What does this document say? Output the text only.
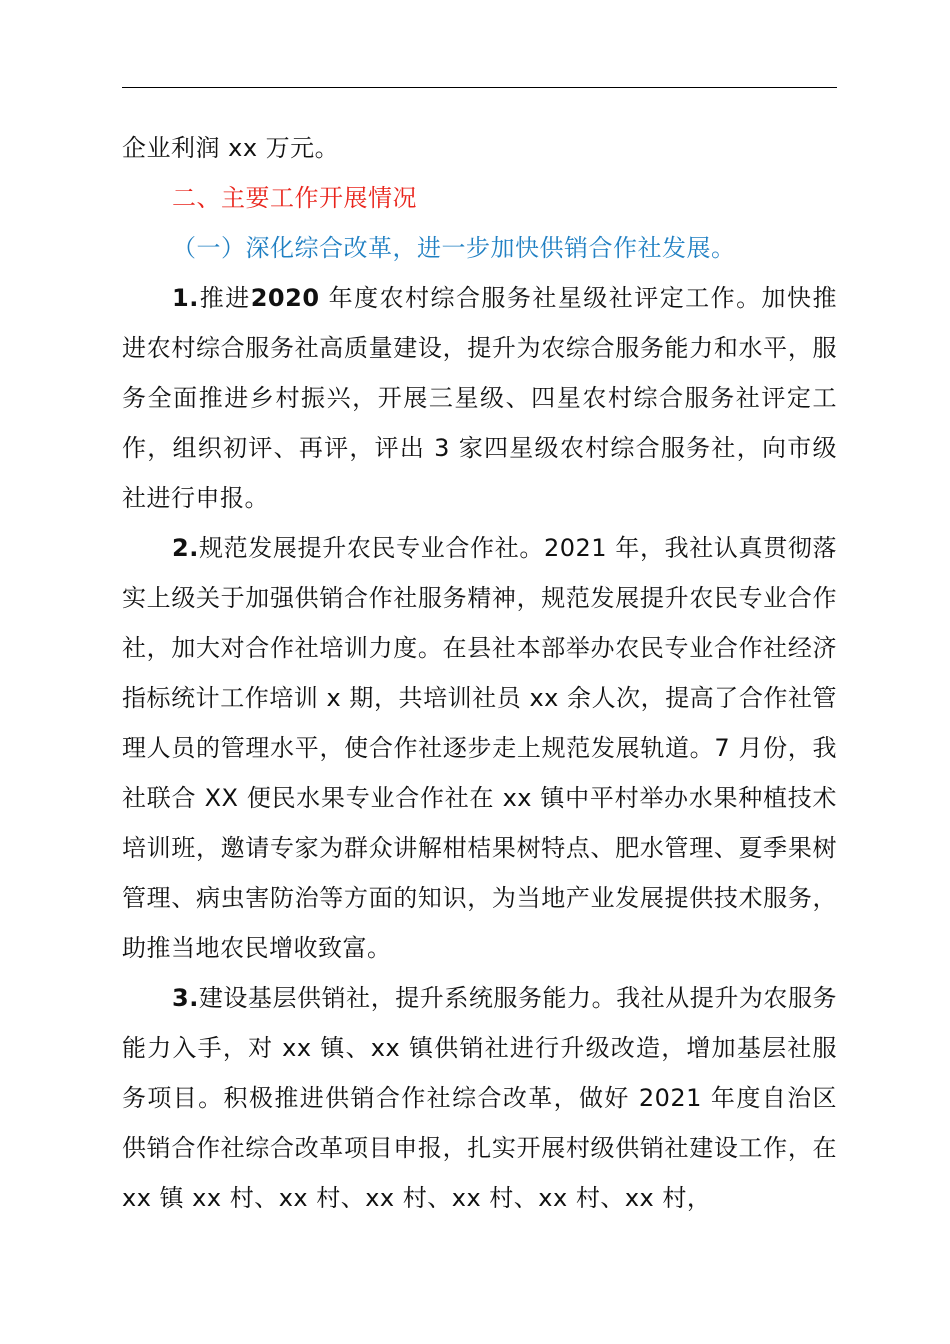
企业利润 xx 万元。

二、主要工作开展情况

（一）深化综合改革，进一步加快供销合作社发展。

1.推进2020 年度农村综合服务社星级社评定工作。加快推进农村综合服务社高质量建设，提升为农综合服务能力和水平，服务全面推进乡村振兴，开展三星级、四星农村综合服务社评定工作，组织初评、再评，评出 3 家四星级农村综合服务社，向市级社进行申报。

2.规范发展提升农民专业合作社。2021 年，我社认真贯彻落实上级关于加强供销合作社服务精神，规范发展提升农民专业合作社，加大对合作社培训力度。在县社本部举办农民专业合作社经济指标统计工作培训 x 期，共培训社员 xx 余人次，提高了合作社管理人员的管理水平，使合作社逐步走上规范发展轨道。7 月份，我社联合 XX 便民水果专业合作社在 xx 镇中平村举办水果种植技术培训班，邀请专家为群众讲解柑桔果树特点、肥水管理、夏季果树管理、病虫害防治等方面的知识，为当地产业发展提供技术服务，助推当地农民增收致富。

3.建设基层供销社，提升系统服务能力。我社从提升为农服务能力入手，对 xx 镇、xx 镇供销社进行升级改造，增加基层社服务项目。积极推进供销合作社综合改革，做好 2021 年度自治区供销合作社综合改革项目申报，扎实开展村级供销社建设工作，在 xx 镇 xx 村、xx 村、xx 村、xx 村、xx 村、xx 村，
